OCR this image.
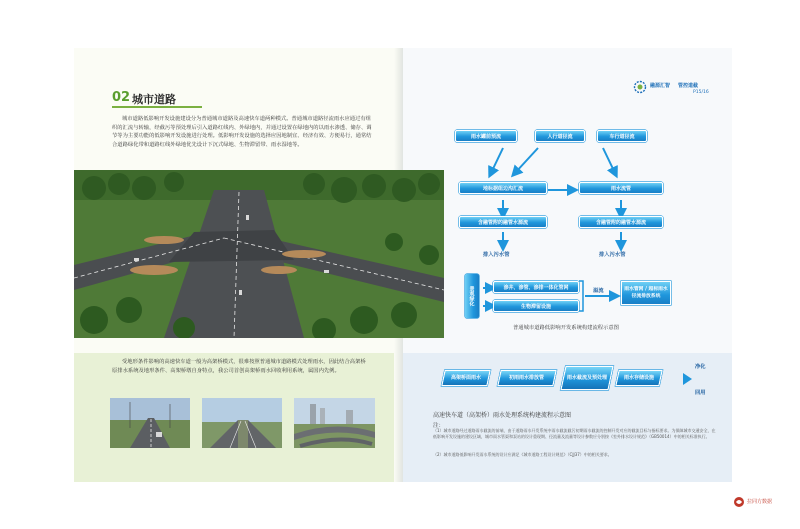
02 城市道路

城市道路低影响开发设施建设分为普通城市道路及高速快车道两种模式。普通城市道路径流雨水应通过有组织的汇流与转输，经截污等预处理后引入道路红线内、外绿地内，并通过设置在绿地内的以雨水渗透、储存、调节等为主要功能的低影响开发设施进行处理。低影响开发设施的选择应因地制宜、经济有效、方便易行，通常结合道路绿化带和道路红线外绿地优先设计下沉式绿地、生物滞留带、雨水湿地等。

受地形条件影响的高速快车道一般为高架桥模式，很难按照普通城市道路模式处理雨水，因此结合高架桥原排水系统及地形条件、高架桥墩自身特点，我公司首创高架桥雨水回收利用系统，属国内先例。

融源汇智 管控道截
P15/16
雨水罐前预流	人行道径流	车行道径流
地标据组边沟汇流	雨水流管
含融管附的融管水源流	含融管附的融管水源流
排入污水管	排入污水管
景观绿化	渗井、渗管、渗排一体化管网
生物滞留设施
溢流	雨水管网 / 超标雨水径流排放系统
普通城市道路低影响开发系统构建流程示意图
高架桥面雨水	初雨雨水排放管	雨水截流及预处理	雨水存储设施
净化
回用
高速快车道（高架桥）雨水处理系统构建流程示意图
注：
（1）城市道路经过道路雨水截流的前端，由于道路雨水开发系统中雨水截流截污初期雨水截流的控制开发对应的截流目标与指标要求。为保障城市交通安全，在低影响开发设施的建设区域，城市雨水管渠和泵站的设计重现期、径流量及流量等设计参数应分别按《室外排水设计规范》（GB50014）中的相关标准执行。
（2）城市道路低影响开发雨水系统的设计应满足《城市道路工程设计规范》（CJJ37）中的相关要求。
拉同方数据
